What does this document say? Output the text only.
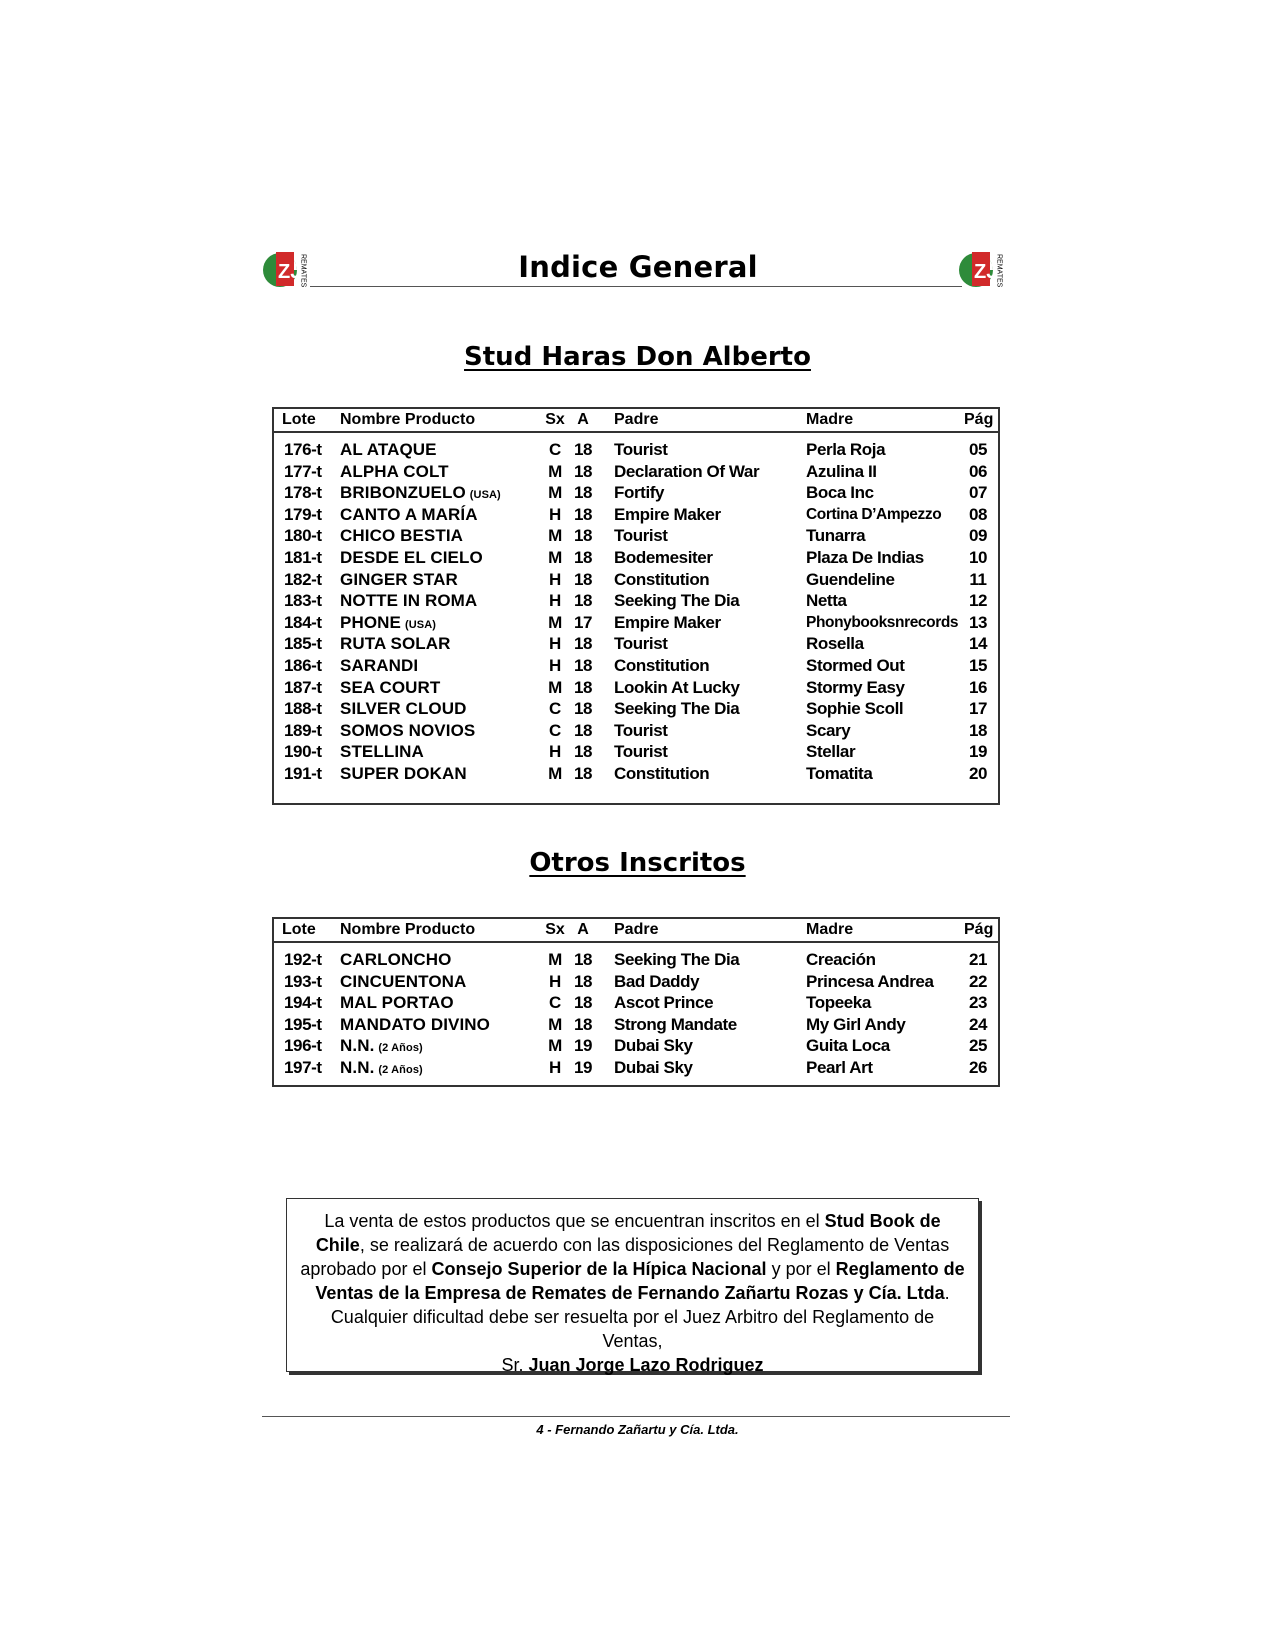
ZJ
REMATES	Indice General	ZJ
REMATES
Stud Haras Don Alberto
Lote	Nombre Producto	Sx A	Padre	Madre	Pág
176-t	AL ATAQUE	C 18 Tourist	Perla Roja	05
177-t	ALPHA COLT	M 18 Declaration Of War	Azulina II	06
178-t	BRIBONZUELO (USA)	M 18 Fortify	Boca Inc	07
179-t	CANTO A MARÍA	H 18 Empire Maker	Cortina D’Ampezzo 08
180-t	CHICO BESTIA	M 18 Tourist	Tunarra	09
181-t	DESDE EL CIELO	M 18 Bodemesiter	Plaza De Indias	10
182-t	GINGER STAR	H 18 Constitution	Guendeline	11
183-t	NOTTE IN ROMA	H 18 Seeking The Dia	Netta	12
184-t	PHONE (USA)	M 17 Empire Maker	Phonybooksnrecords 13
185-t	RUTA SOLAR	H 18 Tourist	Rosella	14
186-t	SARANDI	H 18 Constitution	Stormed Out	15
187-t	SEA COURT	M 18 Lookin At Lucky	Stormy Easy	16
188-t	SILVER CLOUD	C 18 Seeking The Dia	Sophie Scoll	17
189-t	SOMOS NOVIOS	C 18 Tourist	Scary	18
190-t	STELLINA	H 18 Tourist	Stellar	19
191-t	SUPER DOKAN	M 18 Constitution	Tomatita	20
Otros Inscritos
Lote	Nombre Producto	Sx A	Padre	Madre	Pág
192-t	CARLONCHO	M 18 Seeking The Dia	Creación	21
193-t	CINCUENTONA	H 18 Bad Daddy	Princesa Andrea 22
194-t	MAL PORTAO	C 18 Ascot Prince	Topeeka	23
195-t	MANDATO DIVINO	M 18 Strong Mandate	My Girl Andy	24
196-t	N.N. (2 Años)	M 19 Dubai Sky	Guita Loca	25
197-t	N.N. (2 Años)	H 19 Dubai Sky	Pearl Art	26
La venta de estos productos que se encuentran inscritos en el Stud Book de Chile, se realizará de acuerdo con las disposiciones del Reglamento de Ventas aprobado por el Consejo Superior de la Hípica Nacional y por el Reglamento de Ventas de la Empresa de Remates de Fernando Zañartu Rozas y Cía. Ltda.
Cualquier dificultad debe ser resuelta por el Juez Arbitro del Reglamento de Ventas,
Sr. Juan Jorge Lazo Rodriguez
4 - Fernando Zañartu y Cía. Ltda.
